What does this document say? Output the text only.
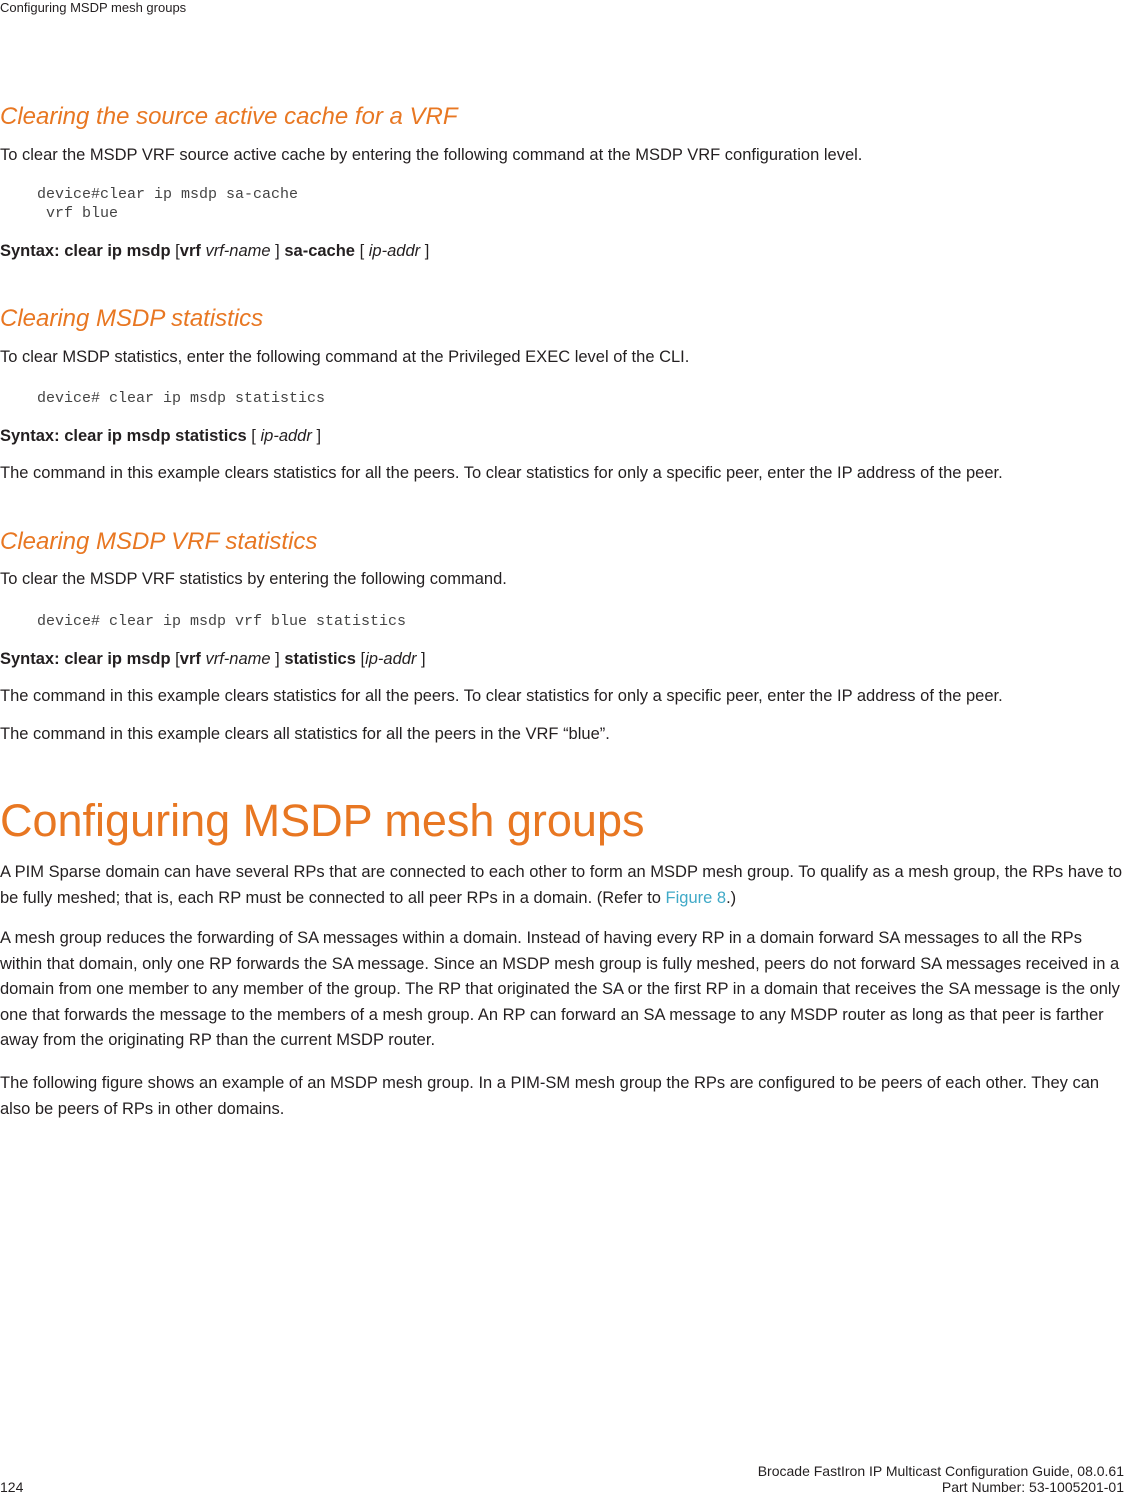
Configuring MSDP mesh groups
Clearing the source active cache for a VRF

To clear the MSDP VRF source active cache by entering the following command at the MSDP VRF configuration level.

device#clear ip msdp sa-cache
vrf blue

Syntax: clear ip msdp [vrf vrf-name ] sa-cache [ ip-addr ]

Clearing MSDP statistics

To clear MSDP statistics, enter the following command at the Privileged EXEC level of the CLI.

device# clear ip msdp statistics

Syntax: clear ip msdp statistics [ ip-addr ]

The command in this example clears statistics for all the peers. To clear statistics for only a specific peer, enter the IP address of the peer.

Clearing MSDP VRF statistics

To clear the MSDP VRF statistics by entering the following command.

device# clear ip msdp vrf blue statistics

Syntax: clear ip msdp [vrf vrf-name ] statistics [ip-addr ]

The command in this example clears statistics for all the peers. To clear statistics for only a specific peer, enter the IP address of the peer.

The command in this example clears all statistics for all the peers in the VRF “blue”.

Configuring MSDP mesh groups

A PIM Sparse domain can have several RPs that are connected to each other to form an MSDP mesh group. To qualify as a mesh group, the RPs have to be fully meshed; that is, each RP must be connected to all peer RPs in a domain. (Refer to Figure 8.)

A mesh group reduces the forwarding of SA messages within a domain. Instead of having every RP in a domain forward SA messages to all the RPs within that domain, only one RP forwards the SA message. Since an MSDP mesh group is fully meshed, peers do not forward SA messages received in a domain from one member to any member of the group. The RP that originated the SA or the first RP in a domain that receives the SA message is the only one that forwards the message to the members of a mesh group. An RP can forward an SA message to any MSDP router as long as that peer is farther away from the originating RP than the current MSDP router.

The following figure shows an example of an MSDP mesh group. In a PIM-SM mesh group the RPs are configured to be peers of each other. They can also be peers of RPs in other domains.

124
Brocade FastIron IP Multicast Configuration Guide, 08.0.61
Part Number: 53-1005201-01
